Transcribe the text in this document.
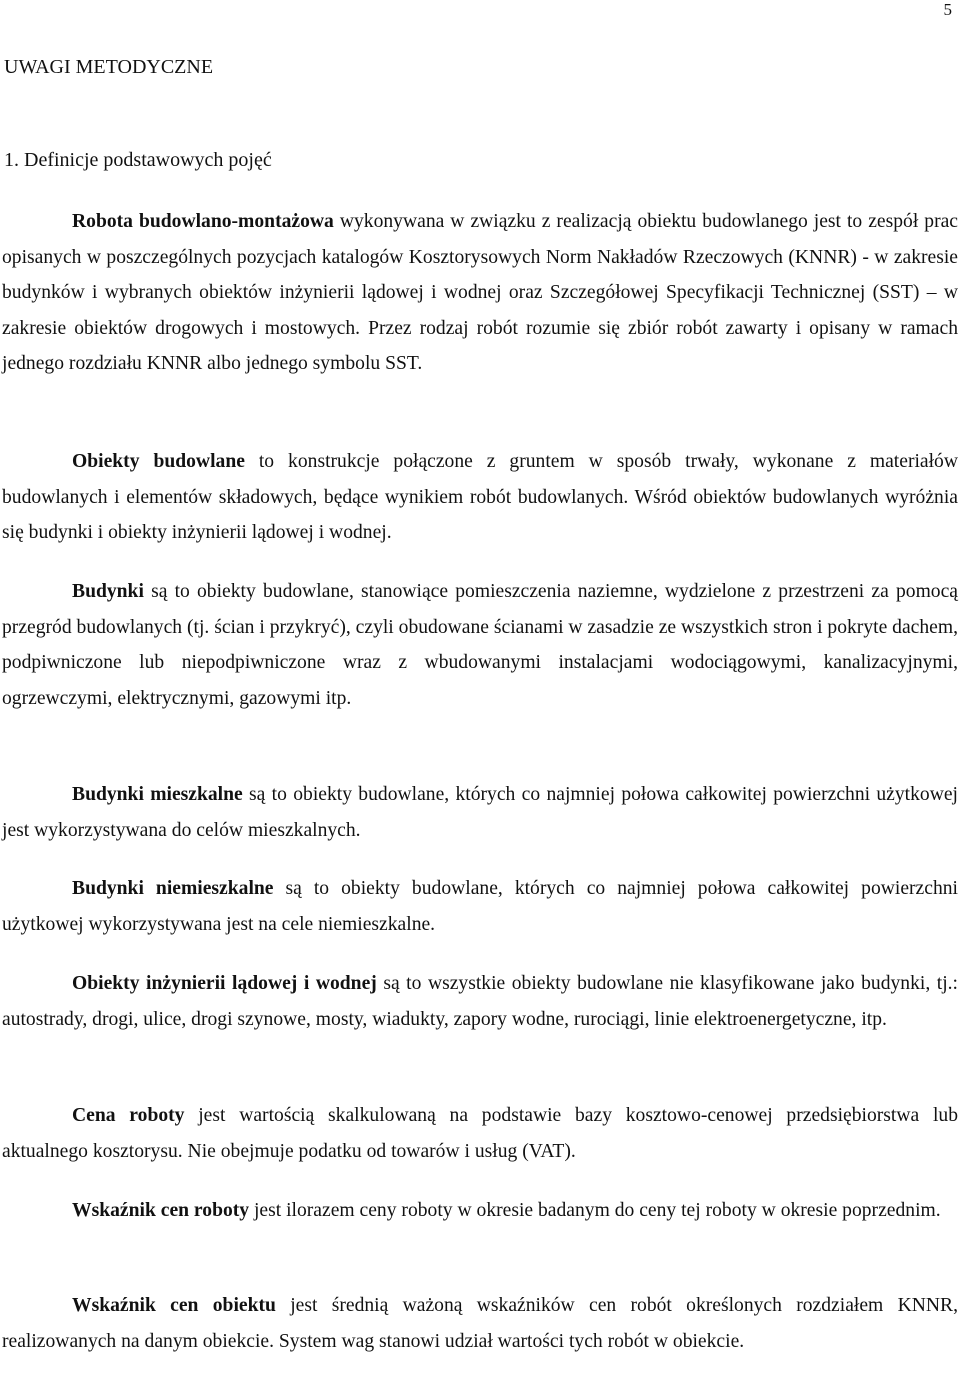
5
UWAGI METODYCZNE
1. Definicje podstawowych pojęć

Robota budowlano-montażowa wykonywana w związku z realizacją obiektu budowlanego jest to zespół prac opisanych w poszczególnych pozycjach katalogów Kosztorysowych Norm Nakładów Rzeczowych (KNNR) - w zakresie budynków i wybranych obiektów inżynierii lądowej i wodnej oraz Szczegółowej Specyfikacji Technicznej (SST) – w zakresie obiektów drogowych i mostowych. Przez rodzaj robót rozumie się zbiór robót zawarty i opisany w ramach jednego rozdziału KNNR albo jednego symbolu SST.

Obiekty budowlane to konstrukcje połączone z gruntem w sposób trwały, wykonane z materiałów budowlanych i elementów składowych, będące wynikiem robót budowlanych. Wśród obiektów budowlanych wyróżnia się budynki i obiekty inżynierii lądowej i wodnej.

Budynki są to obiekty budowlane, stanowiące pomieszczenia naziemne, wydzielone z przestrzeni za pomocą przegród budowlanych (tj. ścian i przykryć), czyli obudowane ścianami w zasadzie ze wszystkich stron i pokryte dachem, podpiwniczone lub niepodpiwniczone wraz z wbudowanymi instalacjami wodociągowymi, kanalizacyjnymi, ogrzewczymi, elektrycznymi, gazowymi itp.

Budynki mieszkalne są to obiekty budowlane, których co najmniej połowa całkowitej powierzchni użytkowej jest wykorzystywana do celów mieszkalnych.

Budynki niemieszkalne są to obiekty budowlane, których co najmniej połowa całkowitej powierzchni użytkowej wykorzystywana jest na cele niemieszkalne.

Obiekty inżynierii lądowej i wodnej są to wszystkie obiekty budowlane nie klasyfikowane jako budynki, tj.: autostrady, drogi, ulice, drogi szynowe, mosty, wiadukty, zapory wodne, rurociągi, linie elektroenergetyczne, itp.

Cena roboty jest wartością skalkulowaną na podstawie bazy kosztowo-cenowej przedsiębiorstwa lub aktualnego kosztorysu. Nie obejmuje podatku od towarów i usług (VAT).

Wskaźnik cen roboty jest ilorazem ceny roboty w okresie badanym do ceny tej roboty w okresie poprzednim.

Wskaźnik cen obiektu jest średnią ważoną wskaźników cen robót określonych rozdziałem KNNR, realizowanych na danym obiekcie. System wag stanowi udział wartości tych robót w obiekcie.
